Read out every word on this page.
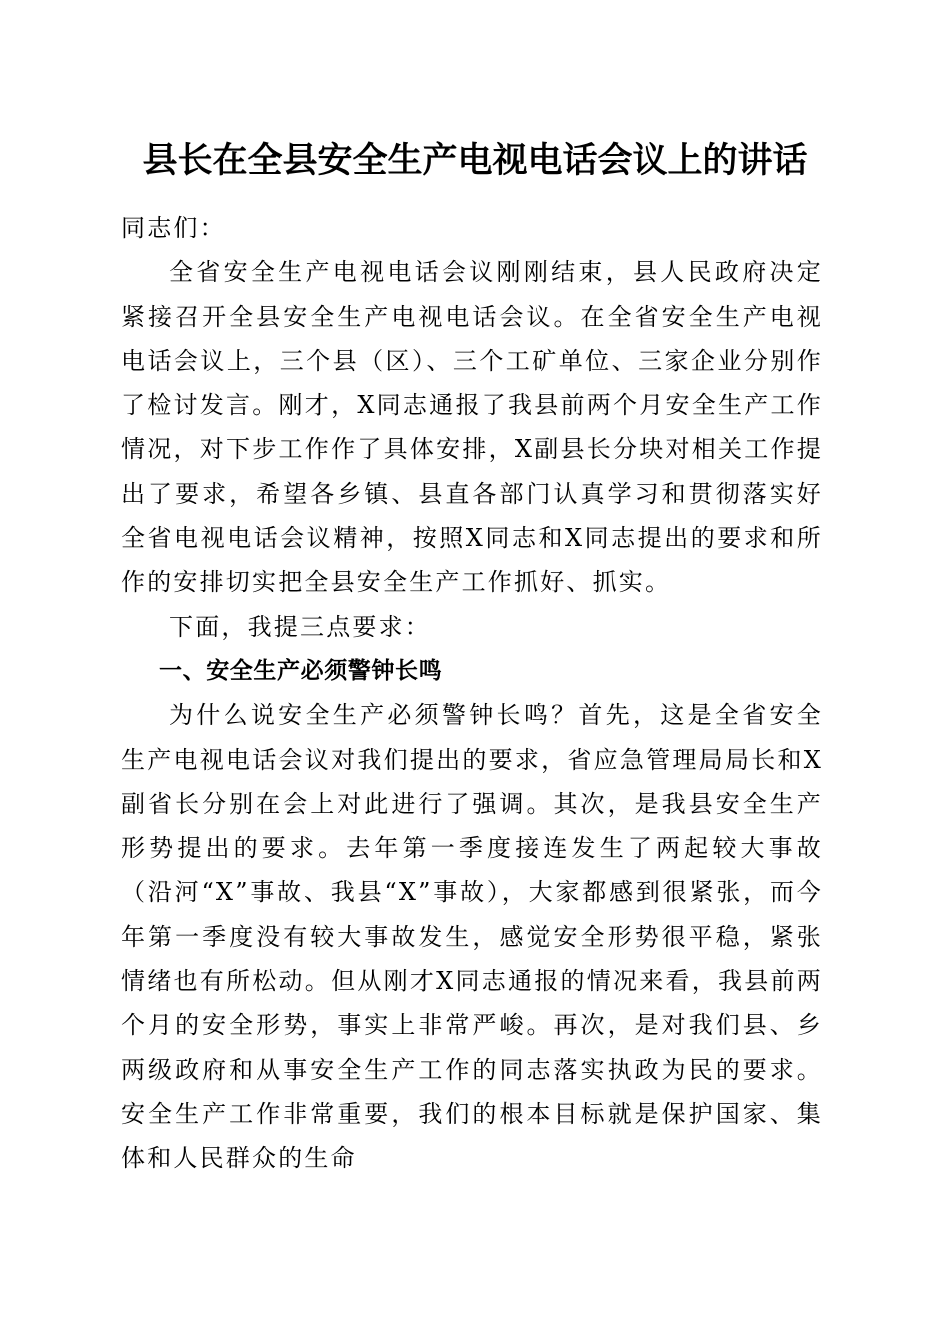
县长在全县安全生产电视电话会议上的讲话

同志们：

全省安全生产电视电话会议刚刚结束，县人民政府决定紧接召开全县安全生产电视电话会议。在全省安全生产电视电话会议上，三个县（区）、三个工矿单位、三家企业分别作了检讨发言。刚才，X同志通报了我县前两个月安全生产工作情况，对下步工作作了具体安排，X副县长分块对相关工作提出了要求，希望各乡镇、县直各部门认真学习和贯彻落实好全省电视电话会议精神，按照X同志和X同志提出的要求和所作的安排切实把全县安全生产工作抓好、抓实。

下面，我提三点要求：

一、安全生产必须警钟长鸣

为什么说安全生产必须警钟长鸣？首先，这是全省安全生产电视电话会议对我们提出的要求，省应急管理局局长和X副省长分别在会上对此进行了强调。其次，是我县安全生产形势提出的要求。去年第一季度接连发生了两起较大事故（沿河“X”事故、我县“X”事故），大家都感到很紧张，而今年第一季度没有较大事故发生，感觉安全形势很平稳，紧张情绪也有所松动。但从刚才X同志通报的情况来看，我县前两个月的安全形势，事实上非常严峻。再次，是对我们县、乡两级政府和从事安全生产工作的同志落实执政为民的要求。安全生产工作非常重要，我们的根本目标就是保护国家、集体和人民群众的生命
